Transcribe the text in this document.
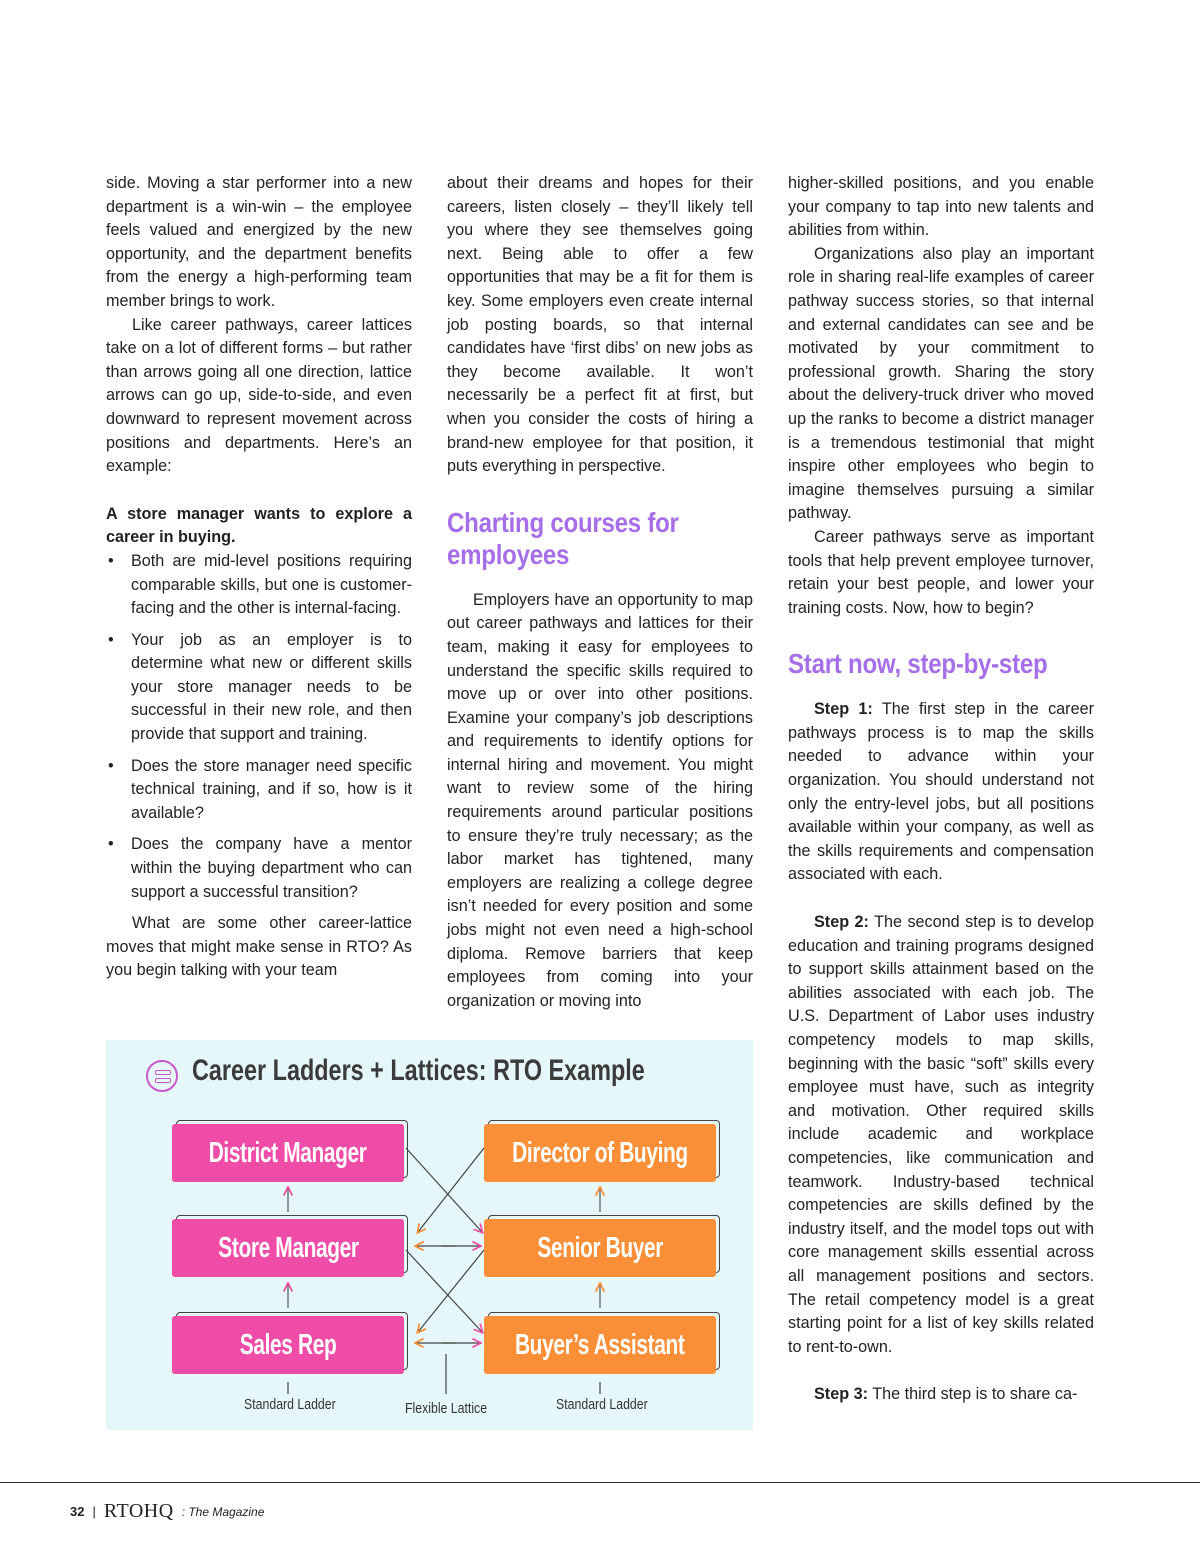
side. Moving a star performer into a new department is a win-win – the employee feels valued and energized by the new opportunity, and the department benefits from the energy a high-performing team member brings to work.

Like career pathways, career lattices take on a lot of different forms – but rather than arrows going all one direction, lattice arrows can go up, side-to-side, and even downward to represent movement across positions and departments. Here’s an example:

A store manager wants to explore a career in buying.

• Both are mid-level positions requiring comparable skills, but one is customer-facing and the other is internal-facing.
• Your job as an employer is to determine what new or different skills your store manager needs to be successful in their new role, and then provide that support and training.
• Does the store manager need specific technical training, and if so, how is it available?
• Does the company have a mentor within the buying department who can support a successful transition?

What are some other career-lattice moves that might make sense in RTO? As you begin talking with your team

about their dreams and hopes for their careers, listen closely – they’ll likely tell you where they see themselves going next. Being able to offer a few opportunities that may be a fit for them is key. Some employers even create internal job posting boards, so that internal candidates have ‘first dibs’ on new jobs as they become available. It won’t necessarily be a perfect fit at first, but when you consider the costs of hiring a brand-new employee for that position, it puts everything in perspective.

Charting courses for employees

Employers have an opportunity to map out career pathways and lattices for their team, making it easy for employees to understand the specific skills required to move up or over into other positions. Examine your company’s job descriptions and requirements to identify options for internal hiring and movement. You might want to review some of the hiring requirements around particular positions to ensure they’re truly necessary; as the labor market has tightened, many employers are realizing a college degree isn’t needed for every position and some jobs might not even need a high-school diploma. Remove barriers that keep employees from coming into your organization or moving into

higher-skilled positions, and you enable your company to tap into new talents and abilities from within.

Organizations also play an important role in sharing real-life examples of career pathway success stories, so that internal and external candidates can see and be motivated by your commitment to professional growth. Sharing the story about the delivery-truck driver who moved up the ranks to become a district manager is a tremendous testimonial that might inspire other employees who begin to imagine themselves pursuing a similar pathway.

Career pathways serve as important tools that help prevent employee turnover, retain your best people, and lower your training costs. Now, how to begin?

Start now, step-by-step

Step 1: The first step in the career pathways process is to map the skills needed to advance within your organization. You should understand not only the entry-level jobs, but all positions available within your company, as well as the skills requirements and compensation associated with each.

Step 2: The second step is to develop education and training programs designed to support skills attainment based on the abilities associated with each job. The U.S. Department of Labor uses industry competency models to map skills, beginning with the basic “soft” skills every employee must have, such as integrity and motivation. Other required skills include academic and workplace competencies, like communication and teamwork. Industry-based technical competencies are skills defined by the industry itself, and the model tops out with core management skills essential across all management positions and sectors. The retail competency model is a great starting point for a list of key skills related to rent-to-own.

Step 3: The third step is to share ca-

Career Ladders + Lattices: RTO Example
District Manager
Store Manager
Sales Rep
Director of Buying
Senior Buyer
Buyer’s Assistant
Standard Ladder	Flexible Lattice	Standard Ladder
32 | RTOHQ : The Magazine
